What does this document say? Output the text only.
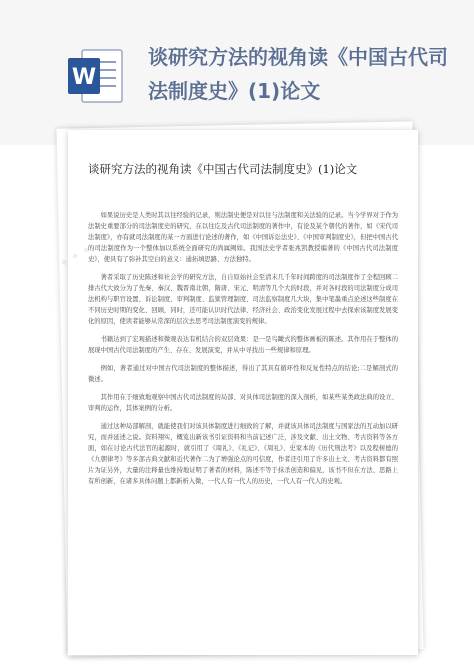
W
谈研究方法的视角读《中国古代司法制度史》(1)论文
谈研究方法的视角读《中国古代司法制度史》(1)论文

如果说历史是人类时其以往经验的记录，则法制史便是对以往与法制度和关法验的记录。当今学界对于作为法制史重要部分的司法制度史的研究，在以往讫及古代司法制度的著作中，有论及某个朝代的著作，如《宋代司法制度》，亦有就司法制度的某一方面进行论述的著作，如《中国诉讼法史》、《中国审判制度史》，但把中国古代的司法制度作为一个整体加以系统全面研究的尚属阙如。我国法史学者张兆凯教授编著的《中国古代司法制度史》，使具有了弥补其空白的意义：通拓填思路、方法独特。

著者采取了历史陈述和社会学的研究方法，自自原始社会至清末几千年时间跨度的司法制度作了全程回顾二排古代大致分为了先秦、秦汉、魏晋南北朝，隋唐、宋元、明清等几个大的时段，并对各时段的司法制度分成司法机构与职官设置、诉讼制度、审判制度、监狱管理制度、司法监察制度几大块，集中笔墨重点论述这些制度在不同历史时期的变化、回顾，同时，还可能认识时代法律、经济社会、政治变化发展过程中去探索该制度发展变化的原因，使读者能够从常深的层次去思考司法制度演变的规律。

书籍达到了宏观描述和微观表达有机结合的双层效果：是一是鸟瞰式的整体画板的陈述。其作用在于整体的展现中国古代司法制度的产生、存在、发展演变，并从中寻找出一些规律和原理。

例如，著者通过对中国古代司法制度的整体描述，得出了其具有循环性和反复性特点的结论;二是解剖式的微述。

其作用在于细致地观察中国古代司法制度的局部、对具体司法制度的深入剖析，如某些某类政法典的设立、审判的运作，其体案例的分析。

通过这种局部解剖，就能使我们对该具体制度进行细致的了解，并就该具体司法制度与国家法的互动加以研究，而并延述之说。资料翔实，概览出新该书引证资料和当前记述广泛，涉及文献、出土文物、考古资料等各方面，如在讨论古代法官的起源时，就引用了《周礼》、《礼记》、《周礼》、史家本的《历代刑法考》以及程树德的《九朝律考》等多部古典文献和近代著作二为了增强论点的可信度，作者还引用了许多出土文、考古资料都有照片为证另外，大量的注释量也维持地证明了著者的材料，陈述不等于抹杀创造和偏见，该书不但在方法、思路上有所创新，在诸多具体问题上都新析入微，一代人有一代人的历史，一代人有一代人的史观。

✦ ✦ ✦
✦ ✦ ✦
